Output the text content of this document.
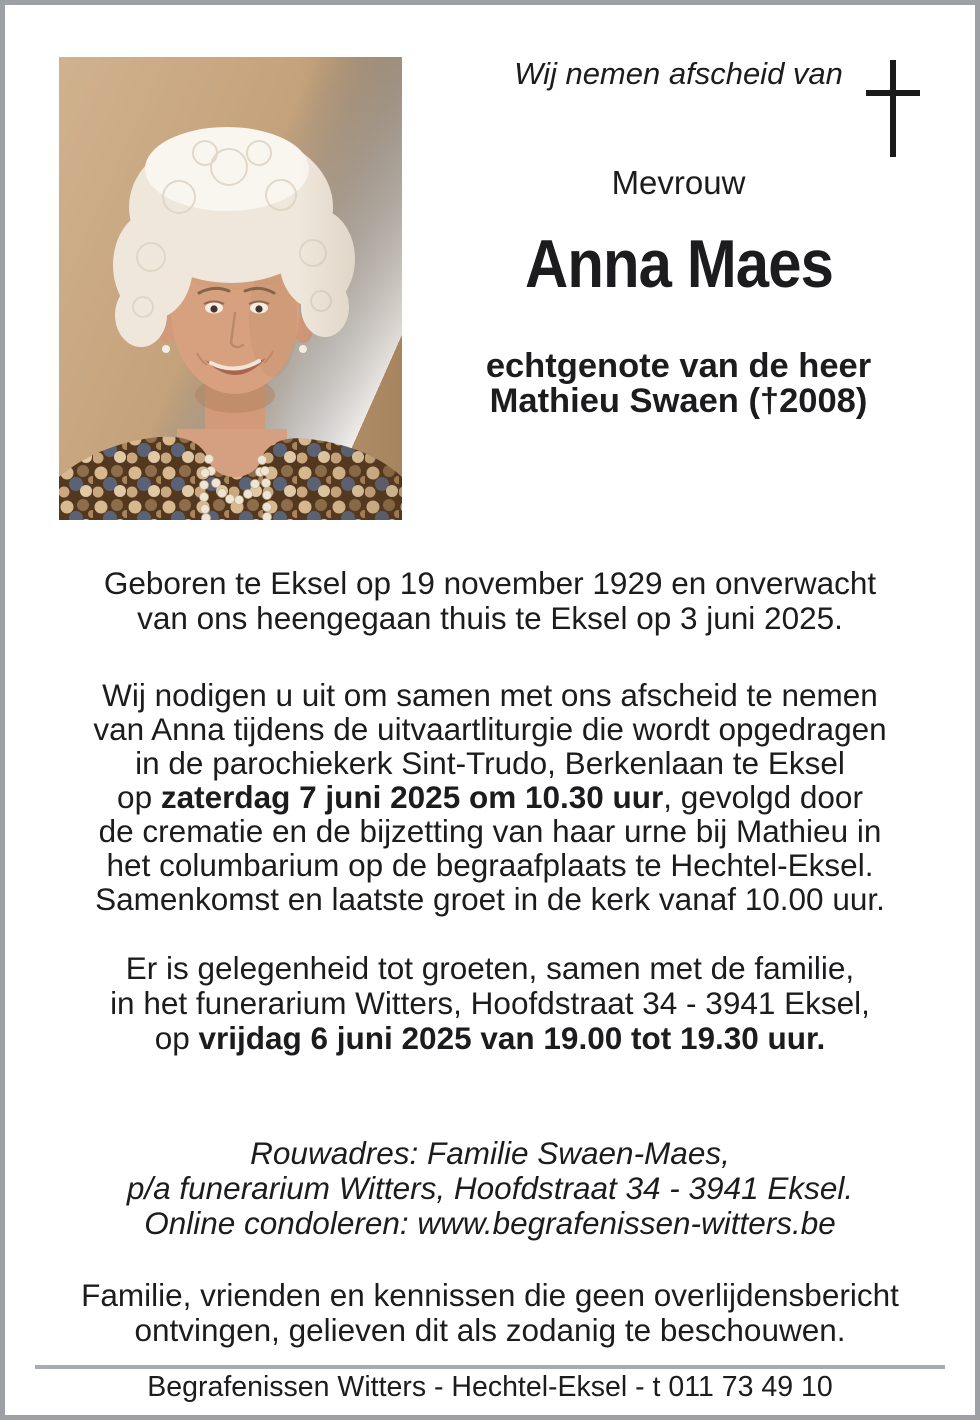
Wij nemen afscheid van
Mevrouw
Anna Maes
echtgenote van de heer
Mathieu Swaen (†2008)
Geboren te Eksel op 19 november 1929 en onverwacht
van ons heengegaan thuis te Eksel op 3 juni 2025.
Wij nodigen u uit om samen met ons afscheid te nemen
van Anna tijdens de uitvaartliturgie die wordt opgedragen
in de parochiekerk Sint-Trudo, Berkenlaan te Eksel
op zaterdag 7 juni 2025 om 10.30 uur, gevolgd door
de crematie en de bijzetting van haar urne bij Mathieu in
het columbarium op de begraafplaats te Hechtel-Eksel.
Samenkomst en laatste groet in de kerk vanaf 10.00 uur.
Er is gelegenheid tot groeten, samen met de familie,
in het funerarium Witters, Hoofdstraat 34 - 3941 Eksel,
op vrijdag 6 juni 2025 van 19.00 tot 19.30 uur.
Rouwadres: Familie Swaen-Maes,
p/a funerarium Witters, Hoofdstraat 34 - 3941 Eksel.
Online condoleren: www.begrafenissen-witters.be
Familie, vrienden en kennissen die geen overlijdensbericht
ontvingen, gelieven dit als zodanig te beschouwen.
Begrafenissen Witters - Hechtel-Eksel - t 011 73 49 10
